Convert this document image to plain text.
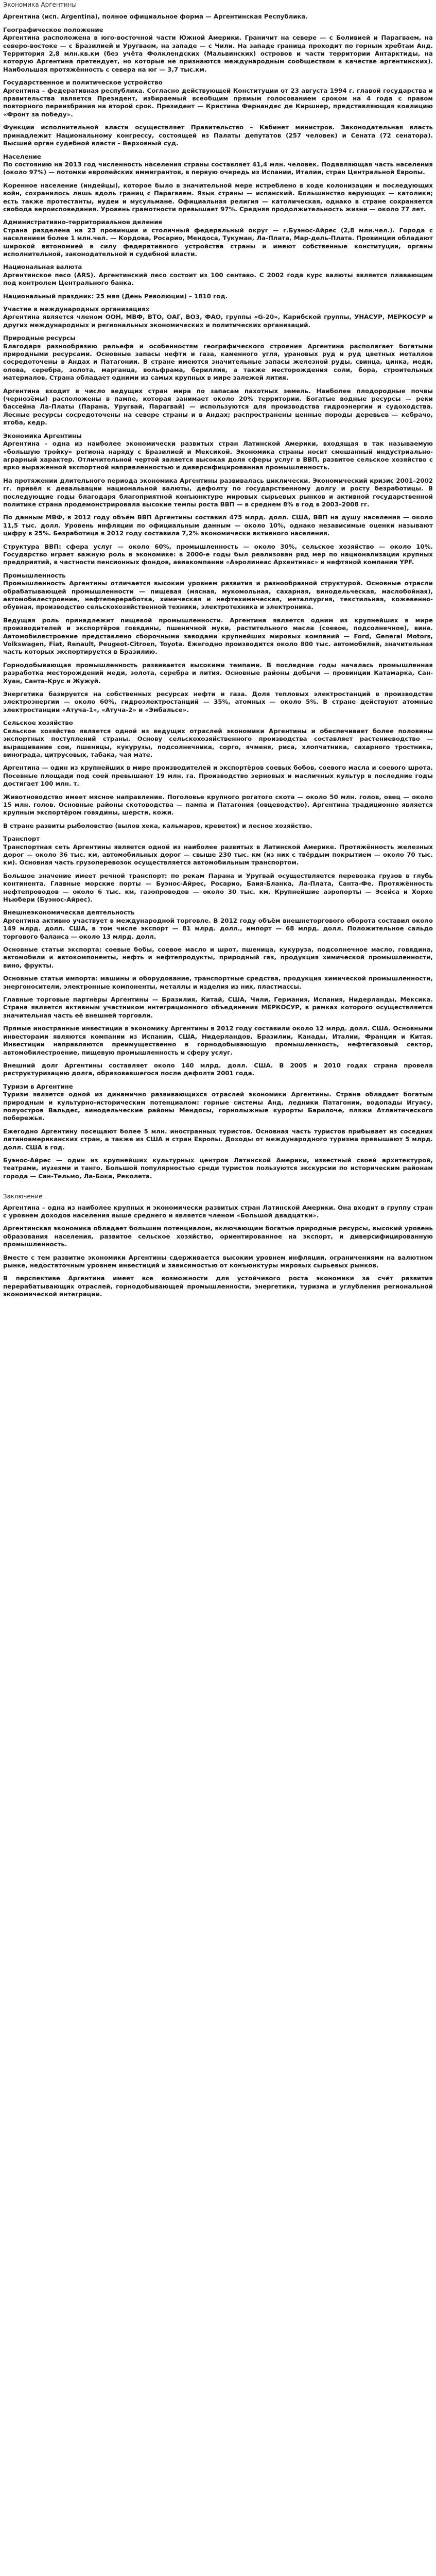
Экономика Аргентины

Аргентина (исп. Argentina), полное официальное форма — Аргентинская Республика.

Географическое положение

Аргентина расположена в юго-восточной части Южной Америки. Граничит на севере — с Боливией и Парагваем, на северо-востоке — с Бразилией и Уругваем, на западе — с Чили. На западе граница проходит по горным хребтам Анд. Территория 2,8 млн.кв.км (без учёта Фолклендских (Мальвинских) островов и части территории Антарктиды, на которую Аргентина претендует, но которые не признаются международным сообществом в качестве аргентинских). Наибольшая протяжённость с севера на юг — 3,7 тыс.км.

Государственное и политическое устройство

Аргентина – федеративная республика. Согласно действующей Конституции от 23 августа 1994 г. главой государства и правительства является Президент, избираемый всеобщим прямым голосованием сроком на 4 года с правом повторного переизбрания на второй срок. Президент — Кристина Фернандес де Киршнер, представляющая коалицию «Фронт за победу».

Функции исполнительной власти осуществляет Правительство – Кабинет министров. Законодательная власть принадлежит Национальному конгрессу, состоящей из Палаты депутатов (257 человек) и Сената (72 сенатора). Высший орган судебной власти – Верховный суд.

Население

По состоянию на 2013 год численность населения страны составляет 41,4 млн. человек. Подавляющая часть населения (около 97%) — потомки европейских иммигрантов, в первую очередь из Испании, Италии, стран Центральной Европы.

Коренное население (индейцы), которое было в значительной мере истреблено в ходе колонизации и последующих войн, сохранилось лишь вдоль границ с Парагваем. Язык страны — испанский. Большинство верующих — католики; есть также протестанты, иудеи и мусульмане. Официальная религия — католическая, однако в стране сохраняется свобода вероисповедания. Уровень грамотности превышает 97%. Средняя продолжительность жизни — около 77 лет.

Административно-территориальное деление

Страна разделена на 23 провинции и столичный федеральный округ — г.Буэнос-Айрес (2,8 млн.чел.). Города с населением более 1 млн.чел. — Кордова, Росарио, Мендоса, Тукуман, Ла-Плата, Мар-дель-Плата. Провинции обладают широкой автономией в силу федеративного устройства страны и имеют собственные конституции, органы исполнительной, законодательной и судебной власти.

Национальная валюта

Аргентинское песо (ARS). Аргентинский песо состоит из 100 сентаво. С 2002 года курс валюты является плавающим под контролем Центрального банка.

Национальный праздник: 25 мая (День Революции) – 1810 год.

Участие в международных организациях

Аргентина является членом ООН, МВФ, ВТО, ОАГ, ВОЗ, ФАО, группы «G-20», Карибской группы, УНАСУР, МЕРКОСУР и других международных и региональных экономических и политических организаций.

Природные ресурсы

Благодаря разнообразию рельефа и особенностям географического строения Аргентина располагает богатыми природными ресурсами. Основные запасы нефти и газа, каменного угля, урановых руд и руд цветных металлов сосредоточены в Андах и Патагонии. В стране имеются значительные запасы железной руды, свинца, цинка, меди, олова, серебра, золота, марганца, вольфрама, бериллия, а также месторождения соли, бора, строительных материалов. Страна обладает одними из самых крупных в мире залежей лития.

Аргентина входит в число ведущих стран мира по запасам пахотных земель. Наиболее плодородные почвы (чернозёмы) расположены в пампе, которая занимает около 20% территории. Богатые водные ресурсы — реки бассейна Ла-Платы (Парана, Уругвай, Парагвай) — используются для производства гидроэнергии и судоходства. Лесные ресурсы сосредоточены на севере страны и в Андах; распространены ценные породы деревьев — кебрачо, ятоба, кедр.

Экономика Аргентины

Аргентина – одна из наиболее экономически развитых стран Латинской Америки, входящая в так называемую «большую тройку» региона наряду с Бразилией и Мексикой. Экономика страны носит смешанный индустриально-аграрный характер. Отличительной чертой является высокая доля сферы услуг в ВВП, развитое сельское хозяйство с ярко выраженной экспортной направленностью и диверсифицированная промышленность.

На протяжении длительного периода экономика Аргентины развивалась циклически. Экономический кризис 2001–2002 гг. привёл к девальвации национальной валюты, дефолту по государственному долгу и росту безработицы. В последующие годы благодаря благоприятной конъюнктуре мировых сырьевых рынков и активной государственной политике страна продемонстрировала высокие темпы роста ВВП — в среднем 8% в год в 2003–2008 гг.

По данным МВФ, в 2012 году объём ВВП Аргентины составил 475 млрд. долл. США, ВВП на душу населения — около 11,5 тыс. долл. Уровень инфляции по официальным данным — около 10%, однако независимые оценки называют цифру в 25%. Безработица в 2012 году составила 7,2% экономически активного населения.

Структура ВВП: сфера услуг — около 60%, промышленность — около 30%, сельское хозяйство — около 10%. Государство играет важную роль в экономике: в 2000-е годы был реализован ряд мер по национализации крупных предприятий, в частности пенсионных фондов, авиакомпании «Аэролинеас Архентинас» и нефтяной компании YPF.

Промышленность

Промышленность Аргентины отличается высоким уровнем развития и разнообразной структурой. Основные отрасли обрабатывающей промышленности — пищевая (мясная, мукомольная, сахарная, винодельческая, маслобойная), автомобилестроение, нефтепереработка, химическая и нефтехимическая, металлургия, текстильная, кожевенно-обувная, производство сельскохозяйственной техники, электротехника и электроника.

Ведущая роль принадлежит пищевой промышленности. Аргентина является одним из крупнейших в мире производителей и экспортёров говядины, пшеничной муки, растительного масла (соевое, подсолнечное), вина. Автомобилестроение представлено сборочными заводами крупнейших мировых компаний — Ford, General Motors, Volkswagen, Fiat, Renault, Peugeot-Citroen, Toyota. Ежегодно производится около 800 тыс. автомобилей, значительная часть которых экспортируется в Бразилию.

Горнодобывающая промышленность развивается высокими темпами. В последние годы началась промышленная разработка месторождений меди, золота, серебра и лития. Основные районы добычи — провинции Катамарка, Сан-Хуан, Санта-Крус и Жужуй.

Энергетика базируется на собственных ресурсах нефти и газа. Доля тепловых электростанций в производстве электроэнергии — около 60%, гидроэлектростанций — 35%, атомных — около 5%. В стране действуют атомные электростанции «Атуча-1», «Атуча-2» и «Эмбальсе».

Сельское хозяйство

Сельское хозяйство является одной из ведущих отраслей экономики Аргентины и обеспечивает более половины экспортных поступлений страны. Основу сельскохозяйственного производства составляет растениеводство — выращивание сои, пшеницы, кукурузы, подсолнечника, сорго, ячменя, риса, хлопчатника, сахарного тростника, винограда, цитрусовых, табака, чая мате.

Аргентина — один из крупнейших в мире производителей и экспортёров соевых бобов, соевого масла и соевого шрота. Посевные площади под соей превышают 19 млн. га. Производство зерновых и масличных культур в последние годы достигает 100 млн. т.

Животноводство имеет мясное направление. Поголовье крупного рогатого скота — около 50 млн. голов, овец — около 15 млн. голов. Основные районы скотоводства — пампа и Патагония (овцеводство). Аргентина традиционно является крупным экспортёром говядины, шерсти, кожи.

В стране развиты рыболовство (вылов хека, кальмаров, креветок) и лесное хозяйство.

Транспорт

Транспортная сеть Аргентины является одной из наиболее развитых в Латинской Америке. Протяжённость железных дорог — около 36 тыс. км, автомобильных дорог — свыше 230 тыс. км (из них с твёрдым покрытием — около 70 тыс. км). Основная часть грузоперевозок осуществляется автомобильным транспортом.

Большое значение имеет речной транспорт: по рекам Парана и Уругвай осуществляется перевозка грузов в глубь континента. Главные морские порты — Буэнос-Айрес, Росарио, Баия-Бланка, Ла-Плата, Санта-Фе. Протяжённость нефтепроводов — около 6 тыс. км, газопроводов — около 30 тыс. км. Крупнейшие аэропорты — Эсейса и Хорхе Ньюбери (Буэнос-Айрес).

Внешнеэкономическая деятельность

Аргентина активно участвует в международной торговле. В 2012 году объём внешнеторгового оборота составил около 149 млрд. долл. США, в том числе экспорт — 81 млрд. долл., импорт — 68 млрд. долл. Положительное сальдо торгового баланса — около 13 млрд. долл.

Основные статьи экспорта: соевые бобы, соевое масло и шрот, пшеница, кукуруза, подсолнечное масло, говядина, автомобили и автокомпоненты, нефть и нефтепродукты, природный газ, продукция химической промышленности, вино, фрукты.

Основные статьи импорта: машины и оборудование, транспортные средства, продукция химической промышленности, энергоносители, электронные компоненты, металлы и изделия из них, пластмассы.

Главные торговые партнёры Аргентины — Бразилия, Китай, США, Чили, Германия, Испания, Нидерланды, Мексика. Страна является активным участником интеграционного объединения МЕРКОСУР, в рамках которого осуществляется значительная часть её внешней торговли.

Прямые иностранные инвестиции в экономику Аргентины в 2012 году составили около 12 млрд. долл. США. Основными инвесторами являются компании из Испании, США, Нидерландов, Бразилии, Канады, Италии, Франции и Китая. Инвестиции направляются преимущественно в горнодобывающую промышленность, нефтегазовый сектор, автомобилестроение, пищевую промышленность и сферу услуг.

Внешний долг Аргентины составляет около 140 млрд. долл. США. В 2005 и 2010 годах страна провела реструктуризацию долга, образовавшегося после дефолта 2001 года.

Туризм в Аргентине

Туризм является одной из динамично развивающихся отраслей экономики Аргентины. Страна обладает богатым природным и культурно-историческим потенциалом: горные системы Анд, ледники Патагонии, водопады Игуасу, полуостров Вальдес, винодельческие районы Мендосы, горнолыжные курорты Барилоче, пляжи Атлантического побережья.

Ежегодно Аргентину посещают более 5 млн. иностранных туристов. Основная часть туристов прибывает из соседних латиноамериканских стран, а также из США и стран Европы. Доходы от международного туризма превышают 5 млрд. долл. США в год.

Буэнос-Айрес — один из крупнейших культурных центров Латинской Америки, известный своей архитектурой, театрами, музеями и танго. Большой популярностью среди туристов пользуются экскурсии по историческим районам города — Сан-Тельмо, Ла-Бока, Реколета.

Заключение

Аргентина – одна из наиболее крупных и экономически развитых стран Латинской Америки. Она входит в группу стран с уровнем доходов населения выше среднего и является членом «Большой двадцатки».

Аргентинская экономика обладает большим потенциалом, включающим богатые природные ресурсы, высокий уровень образования населения, развитое сельское хозяйство, ориентированное на экспорт, и диверсифицированную промышленность.

Вместе с тем развитие экономики Аргентины сдерживается высоким уровнем инфляции, ограничениями на валютном рынке, недостаточным уровнем инвестиций и зависимостью от конъюнктуры мировых сырьевых рынков.

В перспективе Аргентина имеет все возможности для устойчивого роста экономики за счёт развития перерабатывающих отраслей, горнодобывающей промышленности, энергетики, туризма и углубления региональной экономической интеграции.
